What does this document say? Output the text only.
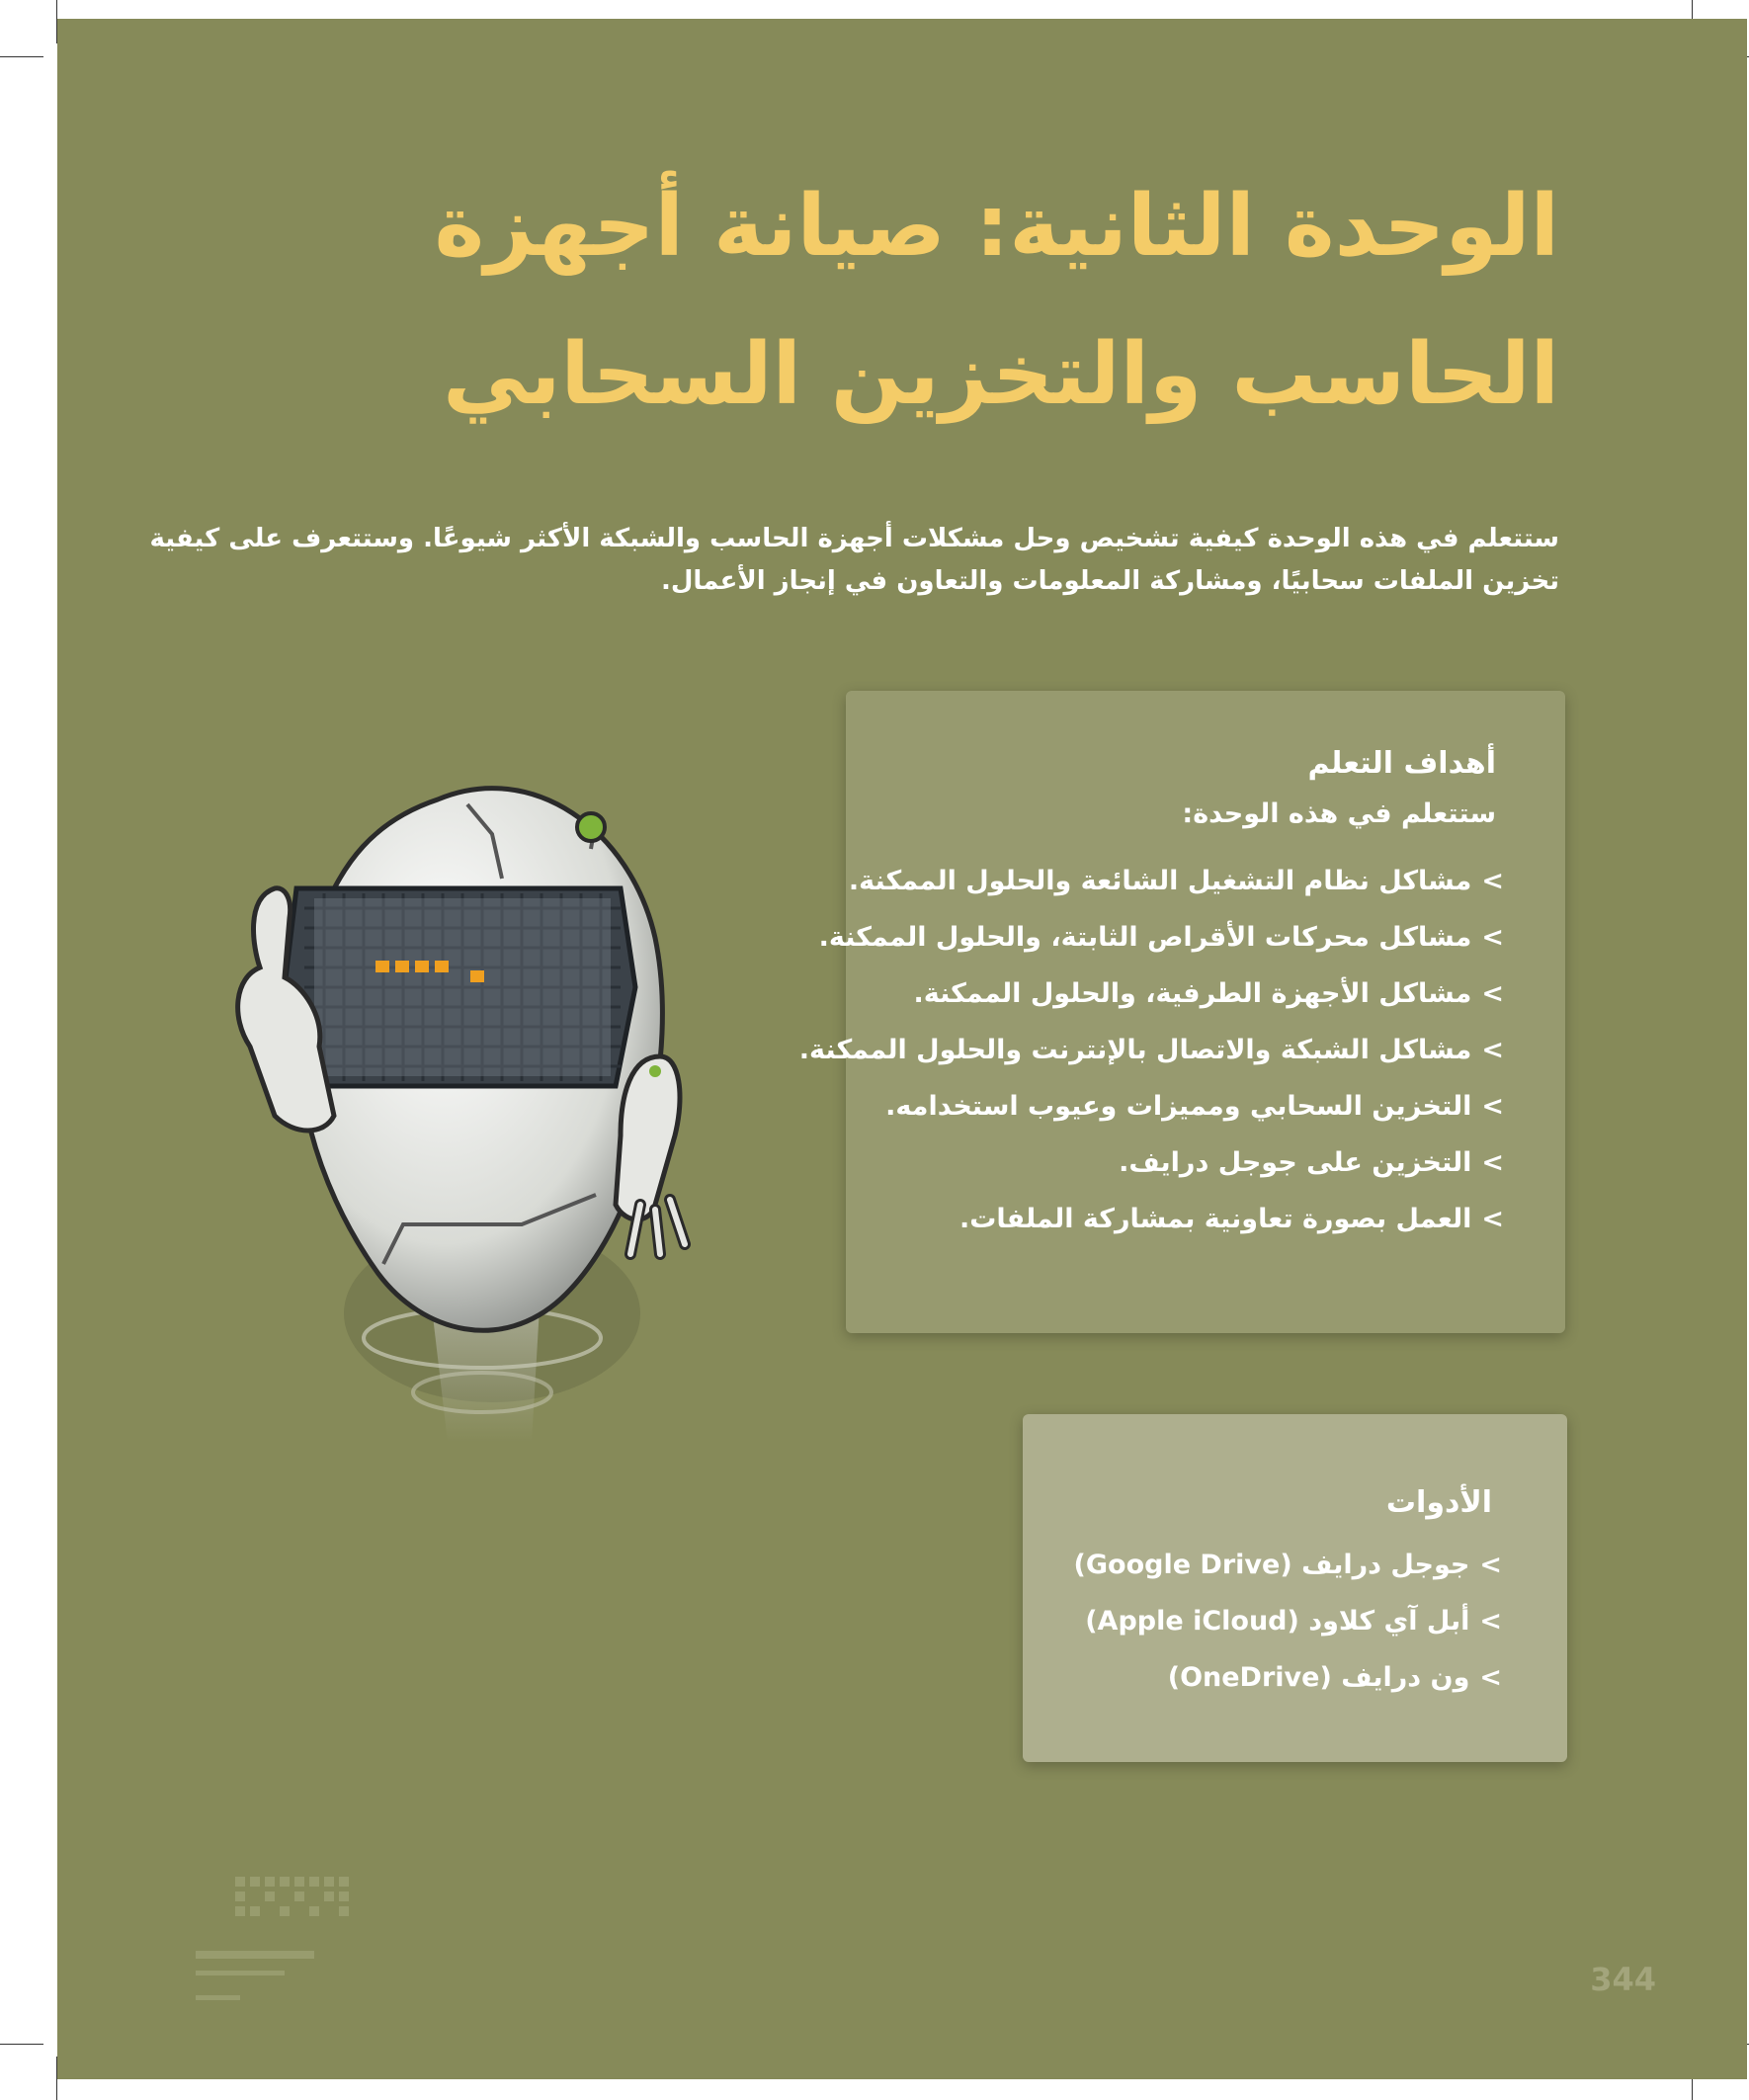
الوحدة الثانية: صيانة أجهزة
الحاسب والتخزين السحابي

ستتعلم في هذه الوحدة كيفية تشخيص وحل مشكلات أجهزة الحاسب والشبكة الأكثر شيوعًا. وستتعرف على كيفية تخزين الملفات سحابيًا، ومشاركة المعلومات والتعاون في إنجاز الأعمال.

أهداف التعلم

ستتعلم في هذه الوحدة:

>مشاكل نظام التشغيل الشائعة والحلول الممكنة.
>مشاكل محركات الأقراص الثابتة، والحلول الممكنة.
>مشاكل الأجهزة الطرفية، والحلول الممكنة.
>مشاكل الشبكة والاتصال بالإنترنت والحلول الممكنة.
>التخزين السحابي ومميزات وعيوب استخدامه.
>التخزين على جوجل درايف.
>العمل بصورة تعاونية بمشاركة الملفات.
الأدوات
>جوجل درايف (Google Drive)
>أبل آي كلاود (Apple iCloud)
>ون درايف (OneDrive)

344
